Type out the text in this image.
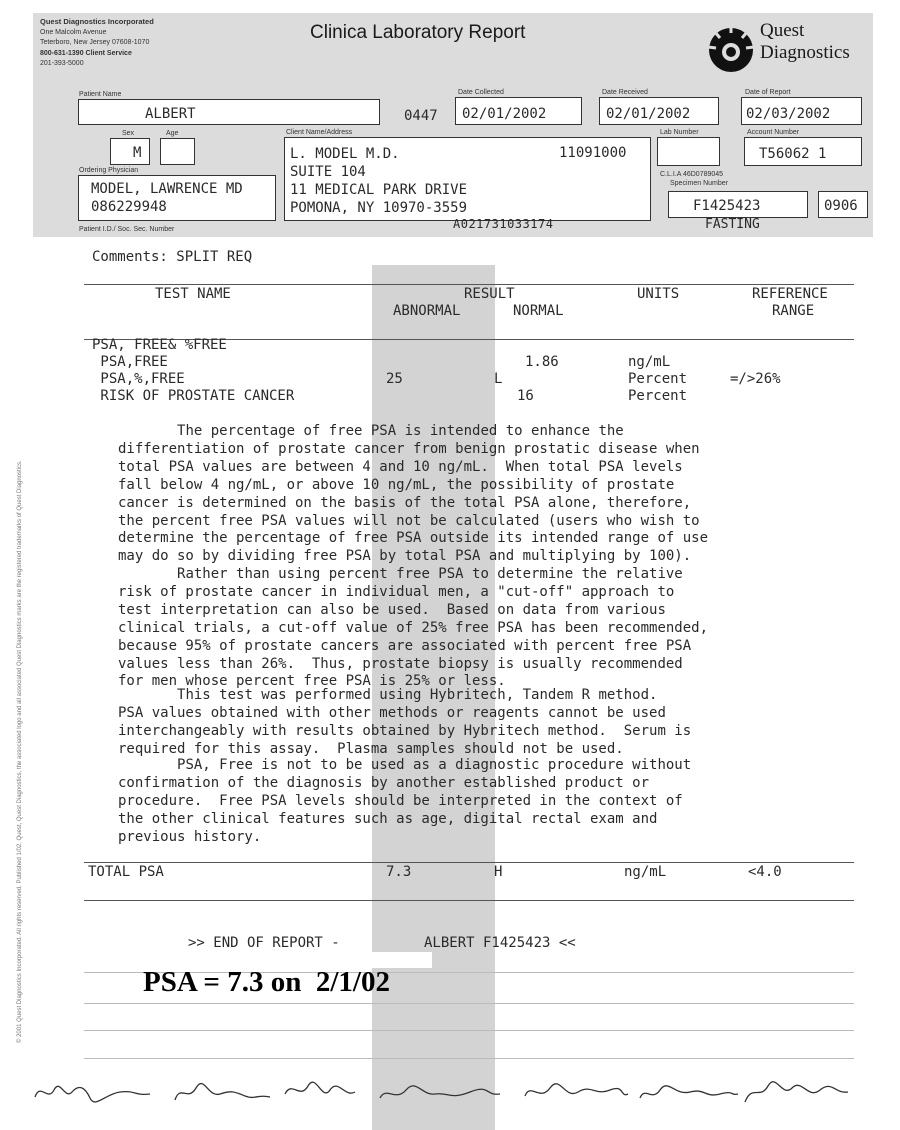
Quest Diagnostics Incorporated
One Malcolm Avenue
Teterboro, New Jersey 07608-1070
800-631-1390 Client Service
201-393-5000
Clinica Laboratory Report	Quest
Diagnostics
Patient Name
ALBERT	0447
Date Collected
02/01/2002
Date Received
02/01/2002
Date of Report
02/03/2002
Sex
M
Age	Client Name/Address
L. MODEL M.D.
SUITE 104
11 MEDICAL PARK DRIVE
POMONA, NY 10970-3559
11091000
A021731033174
Lab Number	Account Number
T56062 1
Ordering Physician
MODEL, LAWRENCE MD
086229948
Patient I.D./ Soc. Sec. Number
C.L.I.A 46D0789045
Specimen Number
F1425423
FASTING
0906
Comments: SPLIT REQ
TEST NAME	RESULT
ABNORMAL	NORMAL
UNITS	REFERENCE
RANGE
PSA, FREE& %FREE
PSA,FREE	1.86	ng/mL
PSA,%,FREE	25	L	Percent	=/>26%
RISK OF PROSTATE CANCER	16	Percent
The percentage of free PSA is intended to enhance the
differentiation of prostate cancer from benign prostatic disease when
total PSA values are between 4 and 10 ng/mL.  When total PSA levels
fall below 4 ng/mL, or above 10 ng/mL, the possibility of prostate
cancer is determined on the basis of the total PSA alone, therefore,
the percent free PSA values will not be calculated (users who wish to
determine the percentage of free PSA outside its intended range of use
may do so by dividing free PSA by total PSA and multiplying by 100).
Rather than using percent free PSA to determine the relative
risk of prostate cancer in individual men, a "cut-off" approach to
test interpretation can also be used.  Based on data from various
clinical trials, a cut-off value of 25% free PSA has been recommended,
because 95% of prostate cancers are associated with percent free PSA
values less than 26%.  Thus, prostate biopsy is usually recommended
for men whose percent free PSA is 25% or less.
This test was performed using Hybritech, Tandem R method.
PSA values obtained with other methods or reagents cannot be used
interchangeably with results obtained by Hybritech method.  Serum is
required for this assay.  Plasma samples should not be used.
PSA, Free is not to be used as a diagnostic procedure without
confirmation of the diagnosis by another established product or
procedure.  Free PSA levels should be interpreted in the context of
the other clinical features such as age, digital rectal exam and
previous history.
TOTAL PSA	7.3	H	ng/mL	<4.0
>> END OF REPORT -          ALBERT F1425423 <<
PSA = 7.3 on  2/1/02
© 2001 Quest Diagnostics Incorporated. All rights reserved. Published 1/02. Quest, Quest Diagnostics, the associated logo and all associated Quest Diagnostics marks are the registered trademarks of Quest Diagnostics.
